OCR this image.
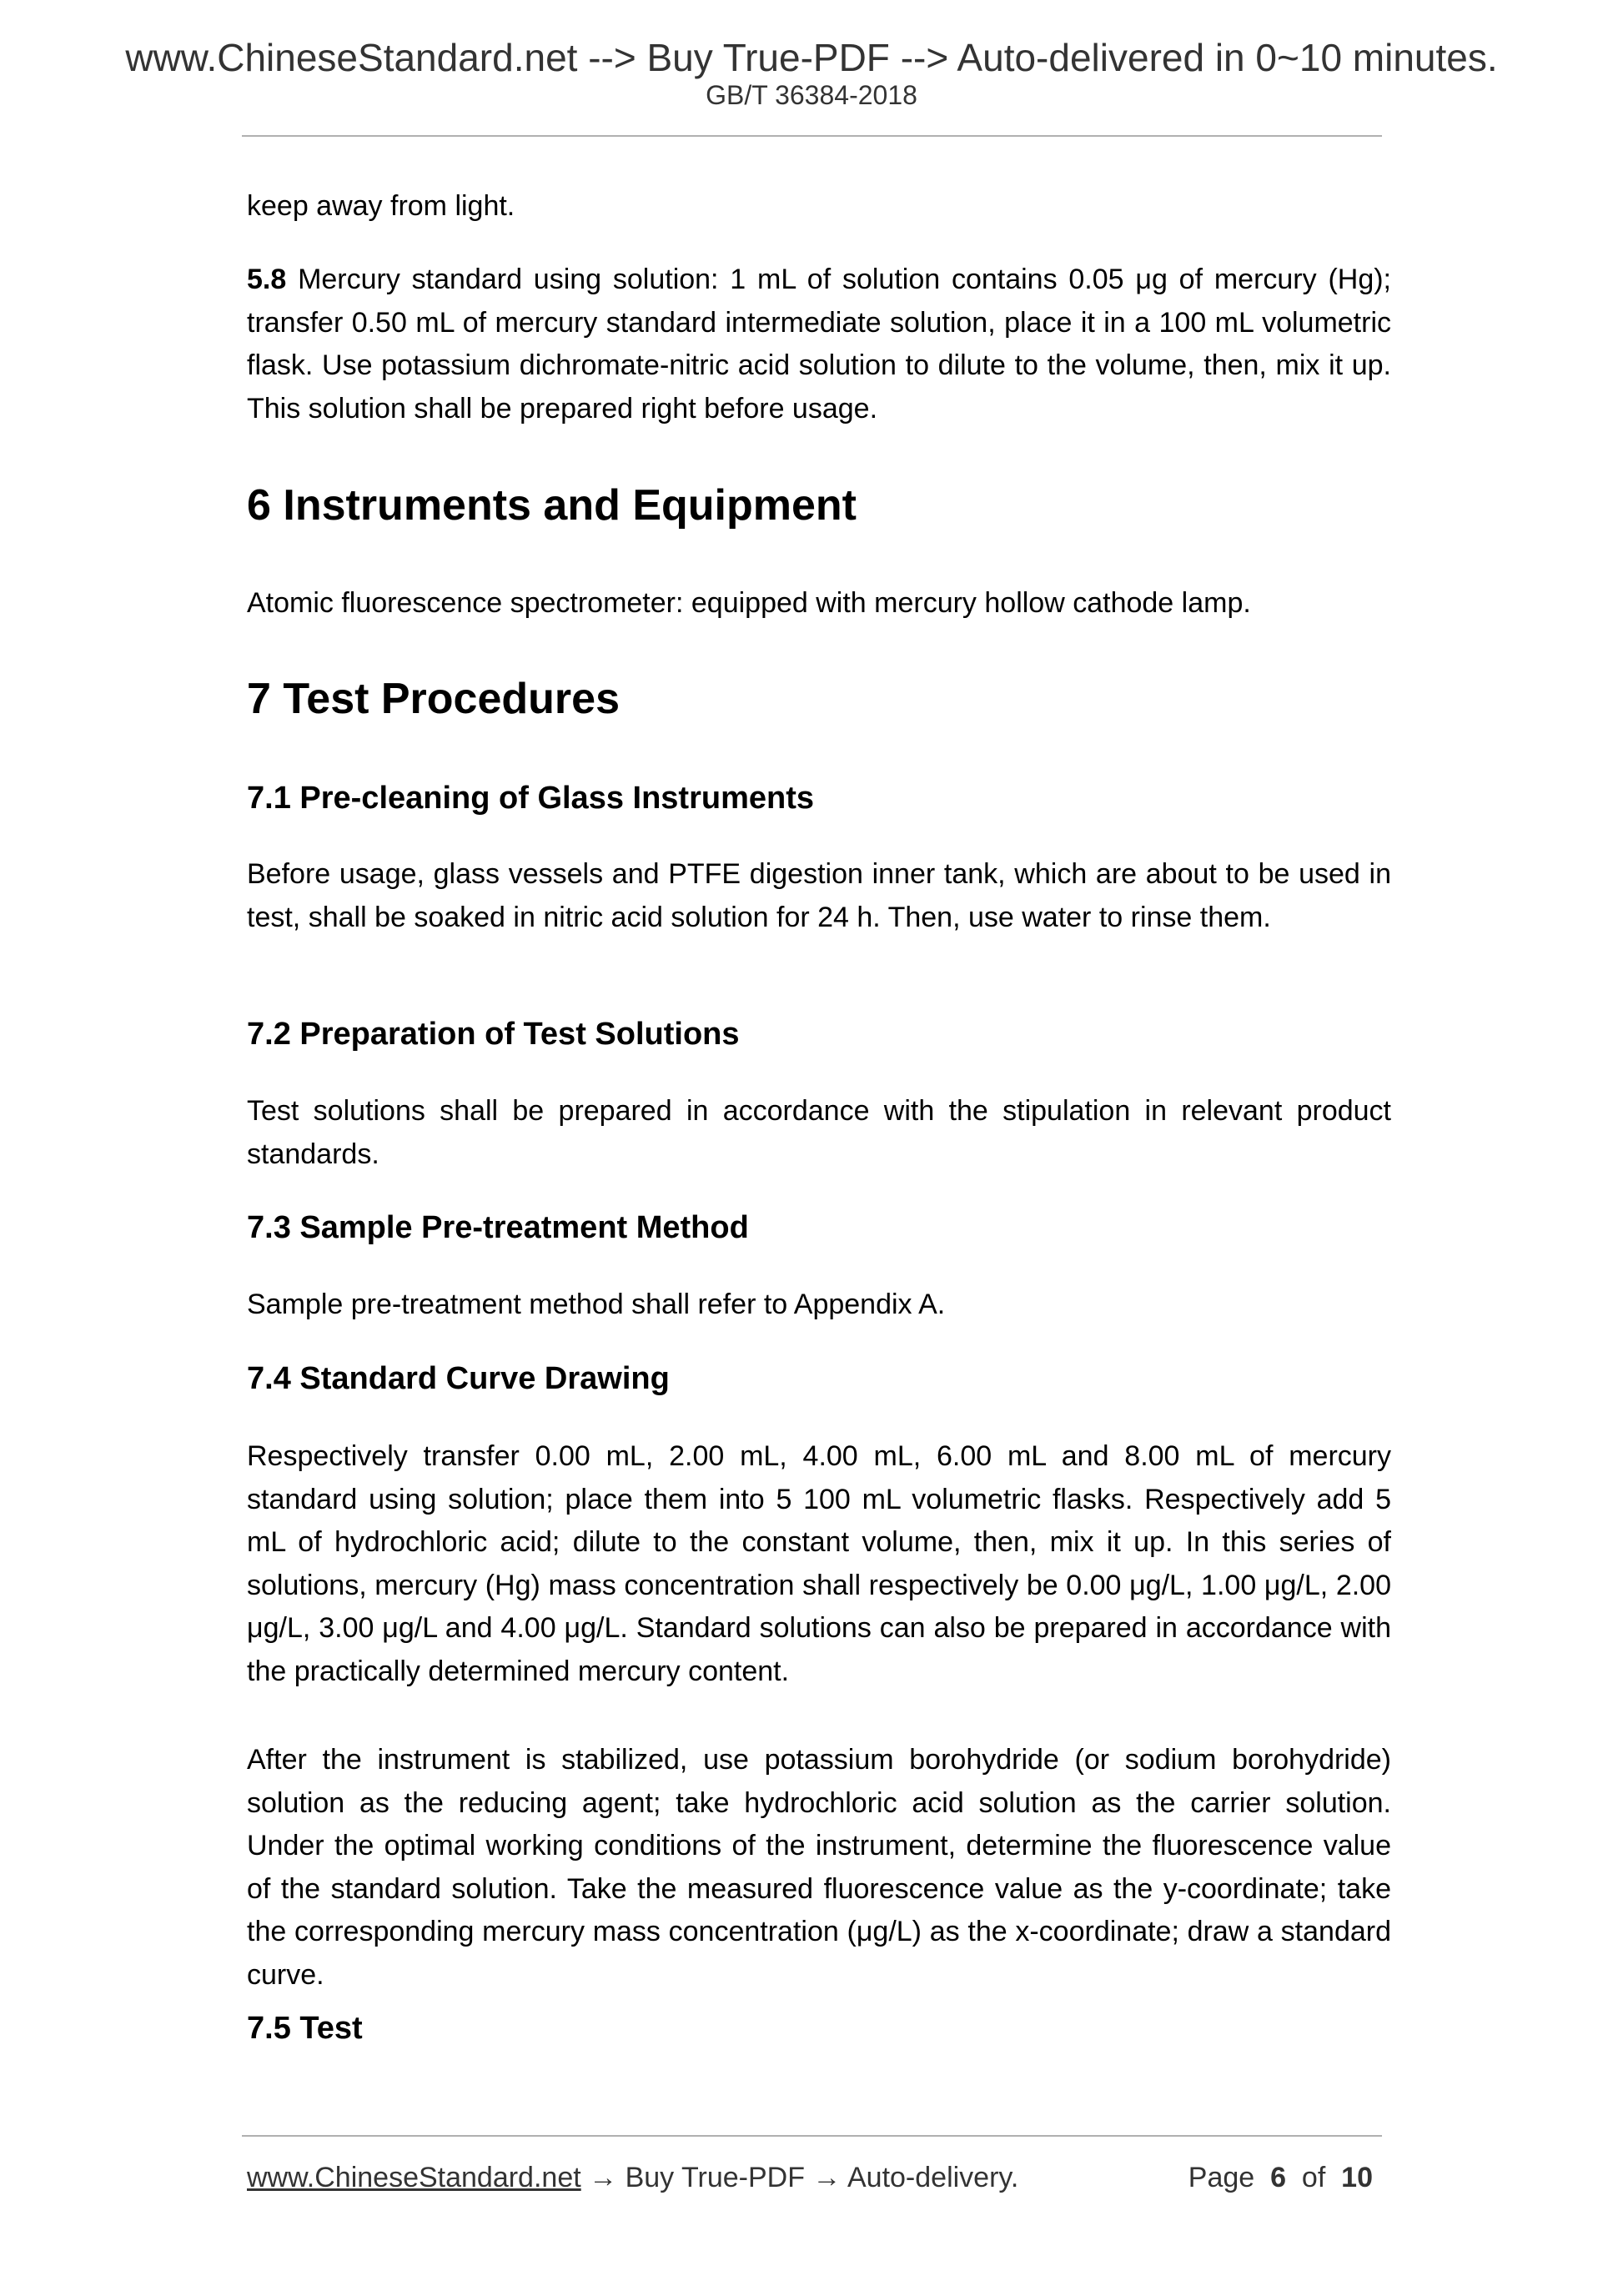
www.ChineseStandard.net --> Buy True-PDF --> Auto-delivered in 0~10 minutes.
GB/T 36384-2018
keep away from light.
5.8 Mercury standard using solution: 1 mL of solution contains 0.05 μg of mercury (Hg); transfer 0.50 mL of mercury standard intermediate solution, place it in a 100 mL volumetric flask. Use potassium dichromate-nitric acid solution to dilute to the volume, then, mix it up. This solution shall be prepared right before usage.
6 Instruments and Equipment
Atomic fluorescence spectrometer: equipped with mercury hollow cathode lamp.
7 Test Procedures
7.1 Pre-cleaning of Glass Instruments
Before usage, glass vessels and PTFE digestion inner tank, which are about to be used in test, shall be soaked in nitric acid solution for 24 h. Then, use water to rinse them.
7.2 Preparation of Test Solutions
Test solutions shall be prepared in accordance with the stipulation in relevant product standards.
7.3 Sample Pre-treatment Method
Sample pre-treatment method shall refer to Appendix A.
7.4 Standard Curve Drawing
Respectively transfer 0.00 mL, 2.00 mL, 4.00 mL, 6.00 mL and 8.00 mL of mercury standard using solution; place them into 5 100 mL volumetric flasks. Respectively add 5 mL of hydrochloric acid; dilute to the constant volume, then, mix it up. In this series of solutions, mercury (Hg) mass concentration shall respectively be 0.00 μg/L, 1.00 μg/L, 2.00 μg/L, 3.00 μg/L and 4.00 μg/L. Standard solutions can also be prepared in accordance with the practically determined mercury content.
After the instrument is stabilized, use potassium borohydride (or sodium borohydride) solution as the reducing agent; take hydrochloric acid solution as the carrier solution. Under the optimal working conditions of the instrument, determine the fluorescence value of the standard solution. Take the measured fluorescence value as the y-coordinate; take the corresponding mercury mass concentration (μg/L) as the x-coordinate; draw a standard curve.
7.5 Test
www.ChineseStandard.net → Buy True-PDF → Auto-delivery.	Page 6 of 10
